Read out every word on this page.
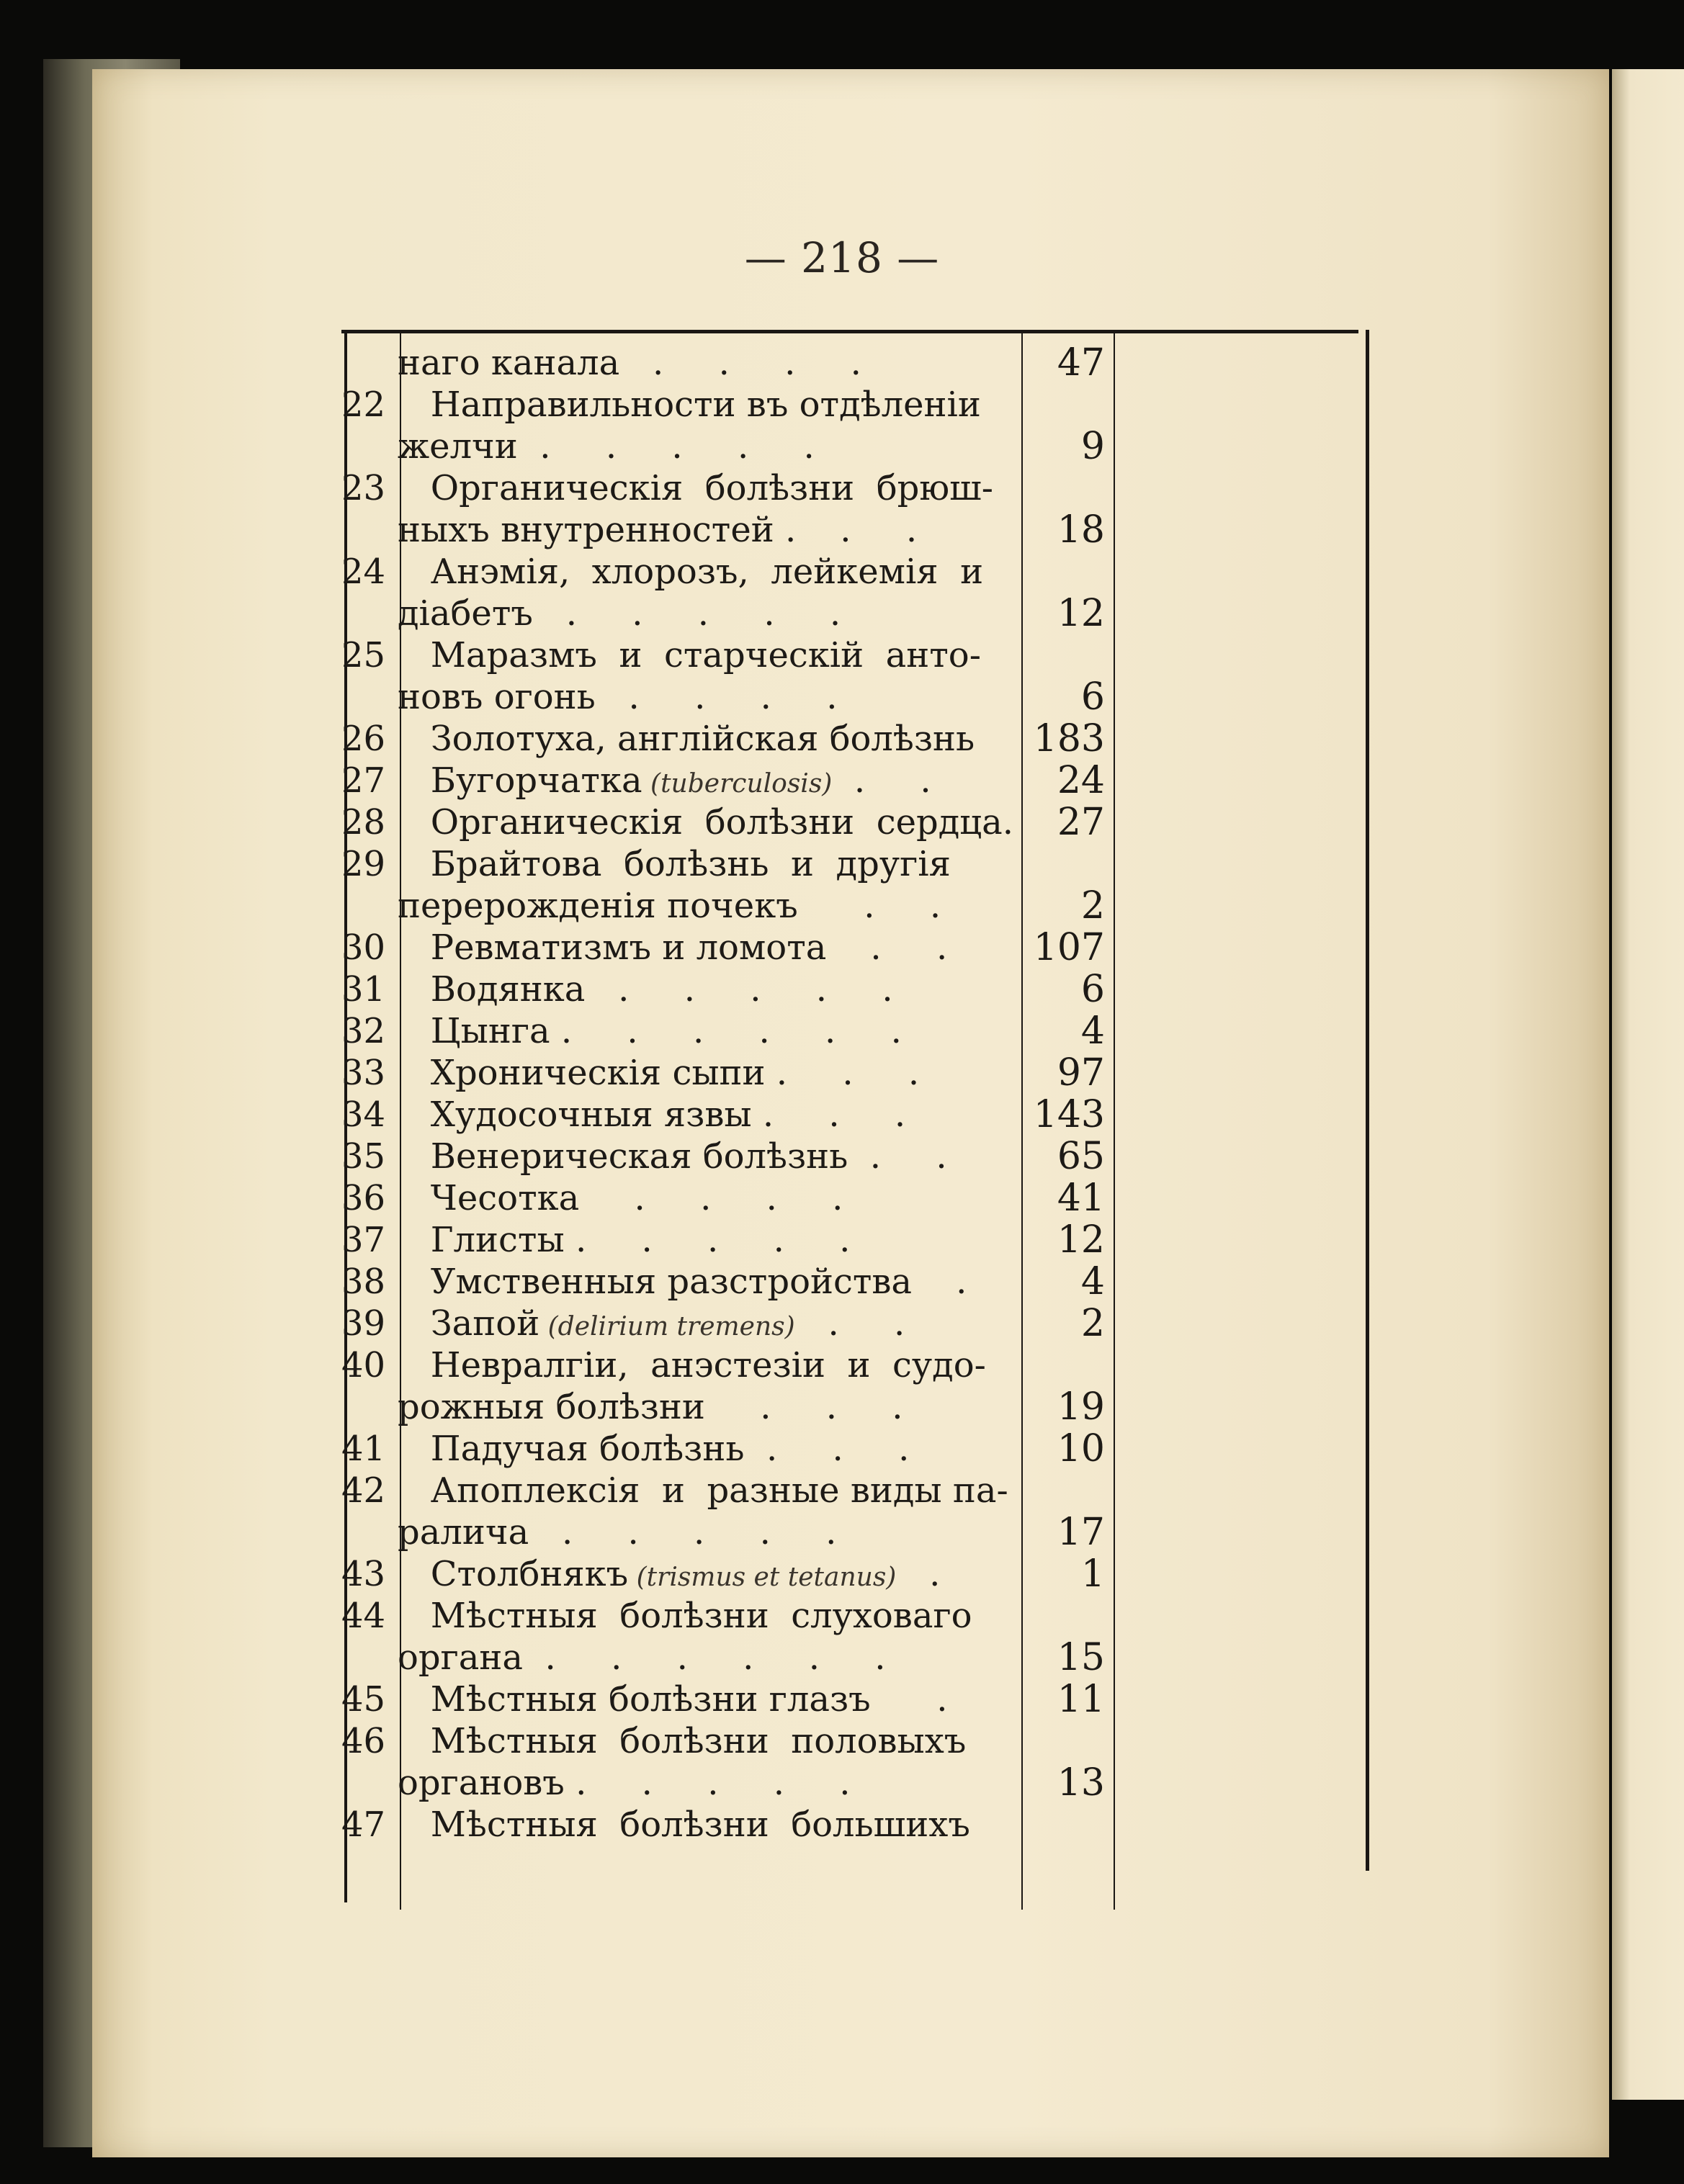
— 218 —
наго канала   .     .     .     .	47
22 Направильности въ отдѣленіи
желчи  .     .     .     .     .	9
23 Органическія  болѣзни  брюш-
ныхъ внутренностей .    .     .	18
24 Анэмія,  хлорозъ,  лейкемія  и
діабетъ   .     .     .     .     .	12
25 Маразмъ  и  старческій  анто-
новъ огонь   .     .     .     .	6
26 Золотуха, англійская болѣзнь	183
27 Бугорчатка (tuberculosis)  .     .	24
28 Органическія  болѣзни  сердца.	27
29 Брайтова  болѣзнь  и  другія
перерожденія почекъ      .     .	2
30 Ревматизмъ и ломота    .     .	107
31 Водянка   .     .     .     .     .	6
32 Цынга .     .     .     .     .     .	4
33 Хроническія сыпи .     .     .	97
34 Худосочныя язвы .     .     .	143
35 Венерическая болѣзнь  .     .	65
36 Чесотка     .     .     .     .	41
37 Глисты .     .     .     .     .	12
38 Умственныя разстройства    .	4
39 Запой (delirium tremens)   .     .	2
40 Невралгіи,  анэстезіи  и  судо-
рожныя болѣзни     .     .     .	19
41 Падучая болѣзнь  .     .     .	10
42 Апоплексія  и  разные виды па-
ралича   .     .     .     .     .	17
43 Столбнякъ (trismus et tetanus)   .	1
44 Мѣстныя  болѣзни  слуховаго
органа  .     .     .     .     .     .	15
45 Мѣстныя болѣзни глазъ      .	11
46 Мѣстныя  болѣзни  половыхъ
органовъ .     .     .     .     .	13
47 Мѣстныя  болѣзни  большихъ
